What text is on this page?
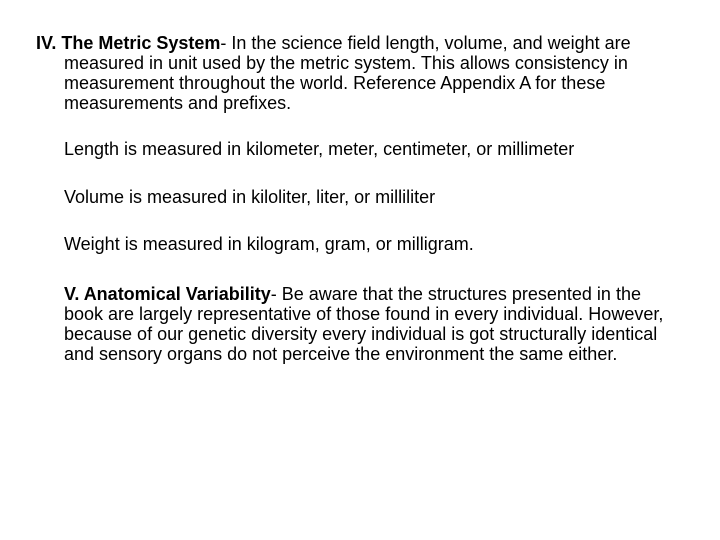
IV. The Metric System- In the science field length, volume, and weight are measured in unit used by the metric system. This allows consistency in measurement throughout the world. Reference Appendix A for these measurements and prefixes.

Length is measured in kilometer, meter, centimeter, or millimeter

Volume is measured in kiloliter, liter, or milliliter

Weight is measured in kilogram, gram, or milligram.

V. Anatomical Variability- Be aware that the structures presented in the book are largely representative of those found in every individual. However, because of our genetic diversity every individual is got structurally identical and sensory organs do not perceive the environment the same either.
